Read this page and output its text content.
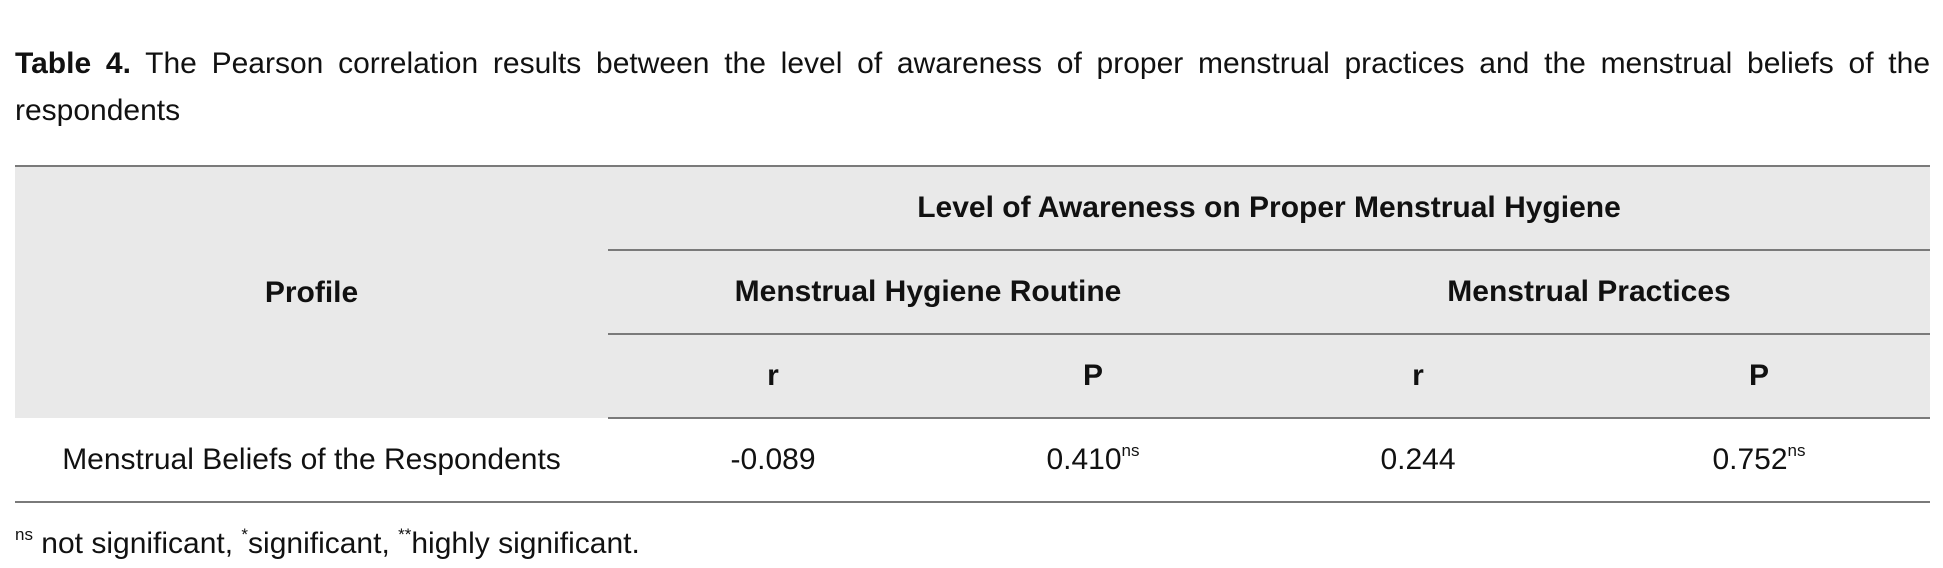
Table 4. The Pearson correlation results between the level of awareness of proper menstrual practices and the menstrual beliefs of the respondents
Profile	Level of Awareness on Proper Menstrual Hygiene			
	Menstrual Hygiene Routine		Menstrual Practices	
	r	P	r	P
Menstrual Beliefs of the Respondents	-0.089	$0.410^{ns}$	0.244	$0.752^{ns}$
$^{ns}$ not significant, *significant, **highly significant.
